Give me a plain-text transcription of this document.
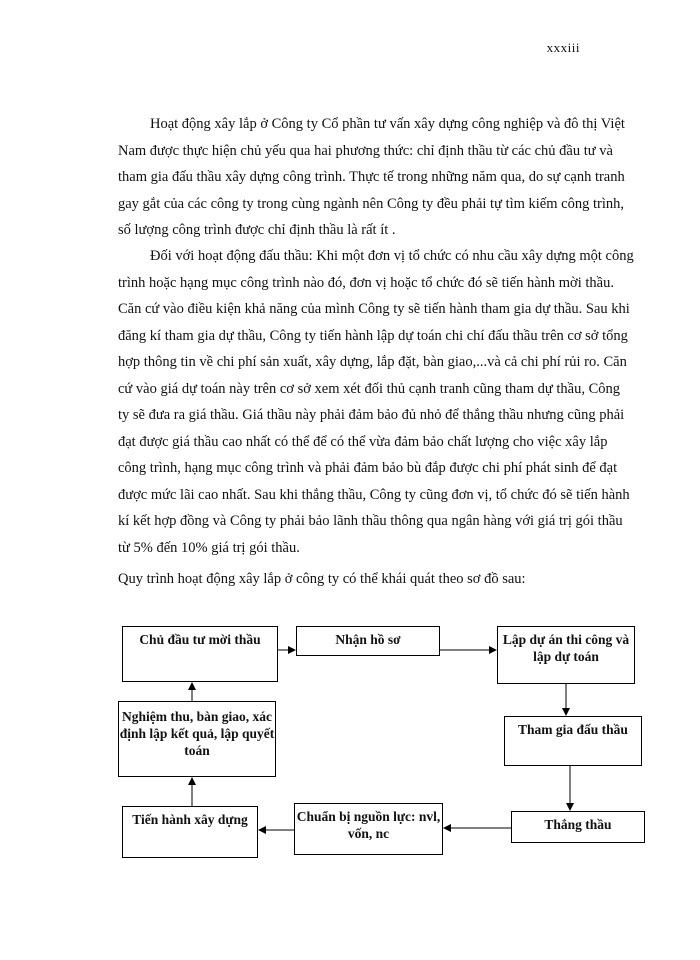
xxxiii

Hoạt động xây lắp ở Công ty Cổ phần tư vấn xây dựng công nghiệp và đô thị Việt Nam được thực hiện chủ yếu qua hai phương thức: chỉ định thầu từ các chủ đầu tư và tham gia đấu thầu xây dựng công trình. Thực tế trong những năm qua, do sự cạnh tranh gay gắt của các công ty trong cùng ngành nên Công ty đều phải tự tìm kiếm công trình, số lượng công trình được chỉ định thầu là rất ít .

Đối với hoạt động đấu thầu: Khi một đơn vị tổ chức có nhu cầu xây dựng một công trình hoặc hạng mục công trình nào đó, đơn vị hoặc tổ chức đó sẽ tiến hành mời thầu. Căn cứ vào điều kiện khả năng của mình Công ty sẽ tiến hành tham gia dự thầu. Sau khi đăng kí tham gia dự thầu, Công ty tiến hành lập dự toán chi chí đấu thầu trên cơ sở tổng hợp thông tin về chi phí sản xuất, xây dựng, lắp đặt, bàn giao,...và cả chi phí rủi ro. Căn cứ vào giá dự toán này trên cơ sở xem xét đối thủ cạnh tranh cũng tham dự thầu, Công ty sẽ đưa ra giá thầu. Giá thầu này phải đảm bảo đủ nhỏ để thắng thầu nhưng cũng phải đạt được giá thầu cao nhất có thể để có thể vừa đảm bảo chất lượng cho việc xây lắp công trình, hạng mục công trình và phải đảm bảo bù đắp được chi phí phát sinh để đạt được mức lãi cao nhất. Sau khi thắng thầu, Công ty cũng đơn vị, tổ chức đó sẽ tiến hành kí kết hợp đồng và Công ty phải bảo lãnh thầu thông qua ngân hàng với giá trị gói thầu từ 5% đến 10% giá trị gói thầu.

Quy trình hoạt động xây lắp ở công ty có thể khái quát theo sơ đồ sau:

Chủ đầu tư mời thầu	Nhận hồ sơ	Lập dự án thi công và lập dự toán
Tham gia đấu thầu
Thắng thầu
Chuẩn bị nguồn lực: nvl, vốn, nc
Tiến hành xây dựng
Nghiệm thu, bàn giao, xác định lập kết quả, lập quyết toán
